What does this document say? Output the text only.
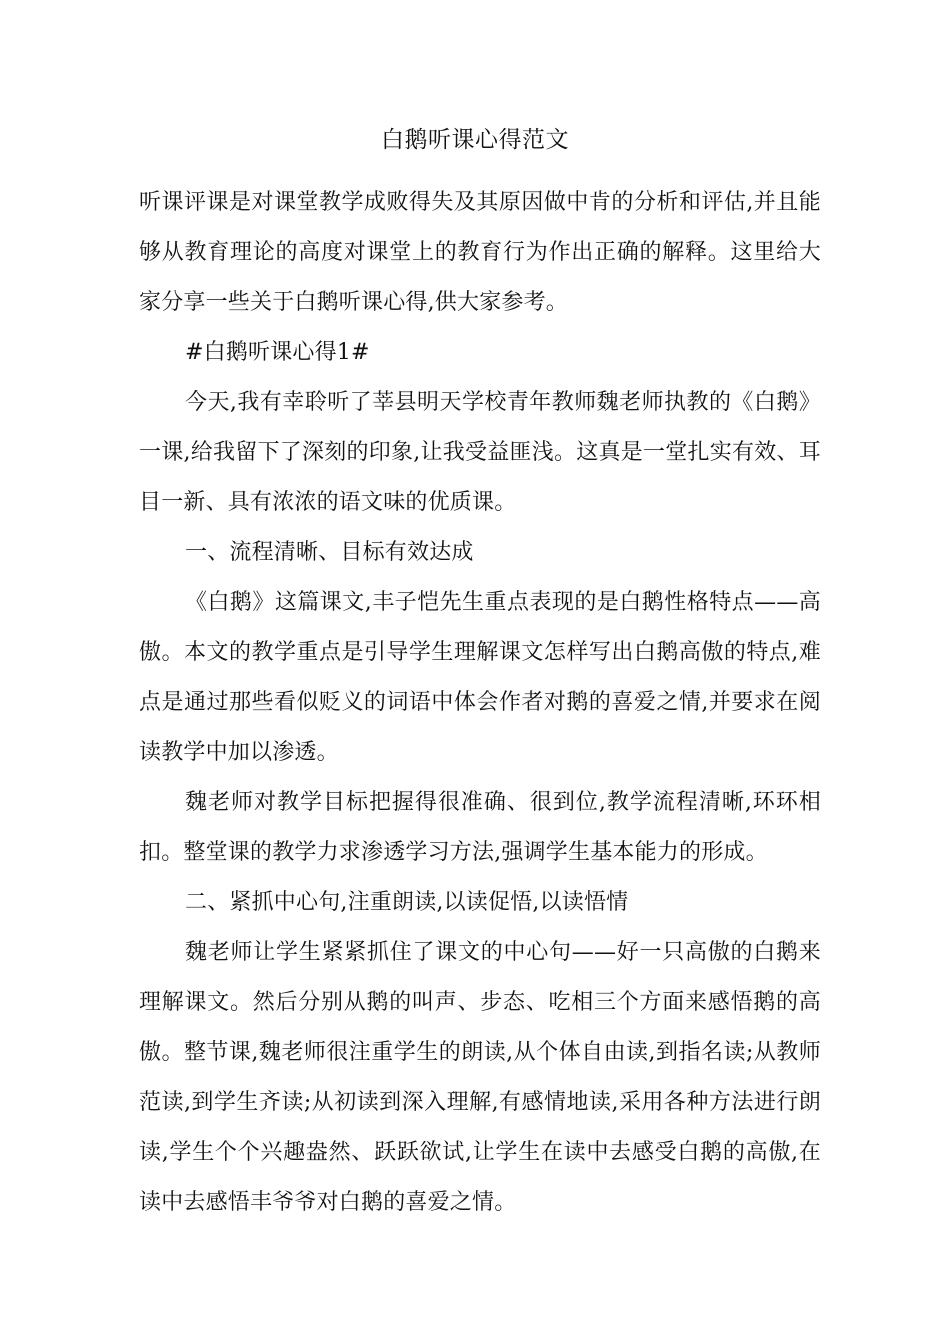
白鹅听课心得范文

听课评课是对课堂教学成败得失及其原因做中肯的分析和评估,并且能够从教育理论的高度对课堂上的教育行为作出正确的解释。这里给大家分享一些关于白鹅听课心得,供大家参考。

#白鹅听课心得1#

今天,我有幸聆听了莘县明天学校青年教师魏老师执教的《白鹅》一课,给我留下了深刻的印象,让我受益匪浅。这真是一堂扎实有效、耳目一新、具有浓浓的语文味的优质课。

一、流程清晰、目标有效达成

《白鹅》这篇课文,丰子恺先生重点表现的是白鹅性格特点——高傲。本文的教学重点是引导学生理解课文怎样写出白鹅高傲的特点,难点是通过那些看似贬义的词语中体会作者对鹅的喜爱之情,并要求在阅读教学中加以渗透。

魏老师对教学目标把握得很准确、很到位,教学流程清晰,环环相扣。整堂课的教学力求渗透学习方法,强调学生基本能力的形成。

二、紧抓中心句,注重朗读,以读促悟,以读悟情

魏老师让学生紧紧抓住了课文的中心句——好一只高傲的白鹅来理解课文。然后分别从鹅的叫声、步态、吃相三个方面来感悟鹅的高傲。整节课,魏老师很注重学生的朗读,从个体自由读,到指名读;从教师范读,到学生齐读;从初读到深入理解,有感情地读,采用各种方法进行朗读,学生个个兴趣盎然、跃跃欲试,让学生在读中去感受白鹅的高傲,在读中去感悟丰爷爷对白鹅的喜爱之情。
